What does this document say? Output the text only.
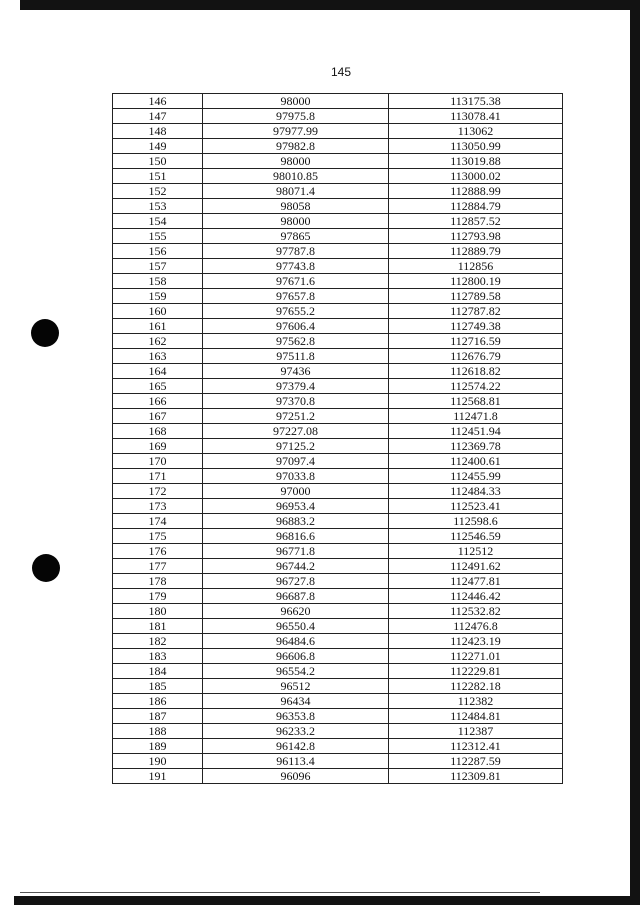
145
146	98000	113175.38
147	97975.8	113078.41
148	97977.99	113062
149	97982.8	113050.99
150	98000	113019.88
151	98010.85	113000.02
152	98071.4	112888.99
153	98058	112884.79
154	98000	112857.52
155	97865	112793.98
156	97787.8	112889.79
157	97743.8	112856
158	97671.6	112800.19
159	97657.8	112789.58
160	97655.2	112787.82
161	97606.4	112749.38
162	97562.8	112716.59
163	97511.8	112676.79
164	97436	112618.82
165	97379.4	112574.22
166	97370.8	112568.81
167	97251.2	112471.8
168	97227.08	112451.94
169	97125.2	112369.78
170	97097.4	112400.61
171	97033.8	112455.99
172	97000	112484.33
173	96953.4	112523.41
174	96883.2	112598.6
175	96816.6	112546.59
176	96771.8	112512
177	96744.2	112491.62
178	96727.8	112477.81
179	96687.8	112446.42
180	96620	112532.82
181	96550.4	112476.8
182	96484.6	112423.19
183	96606.8	112271.01
184	96554.2	112229.81
185	96512	112282.18
186	96434	112382
187	96353.8	112484.81
188	96233.2	112387
189	96142.8	112312.41
190	96113.4	112287.59
191	96096	112309.81
